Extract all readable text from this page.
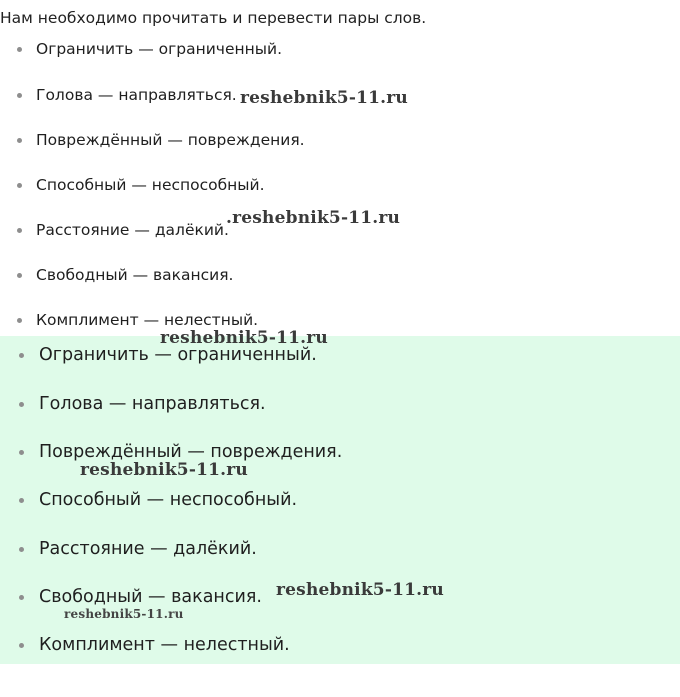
Нам необходимо прочитать и перевести пары слов.

Ограничить — ограниченный.
Голова — направляться.
Повреждённый — повреждения.
Способный — неспособный.
Расстояние — далёкий.
Свободный — вакансия.
Комплимент — нелестный.
Ограничить — ограниченный.
Голова — направляться.
Повреждённый — повреждения.
Способный — неспособный.
Расстояние — далёкий.
Свободный — вакансия.
Комплимент — нелестный.
reshebnik5-11.ru
.reshebnik5-11.ru
reshebnik5-11.ru
reshebnik5-11.ru
reshebnik5-11.ru
reshebnik5-11.ru
